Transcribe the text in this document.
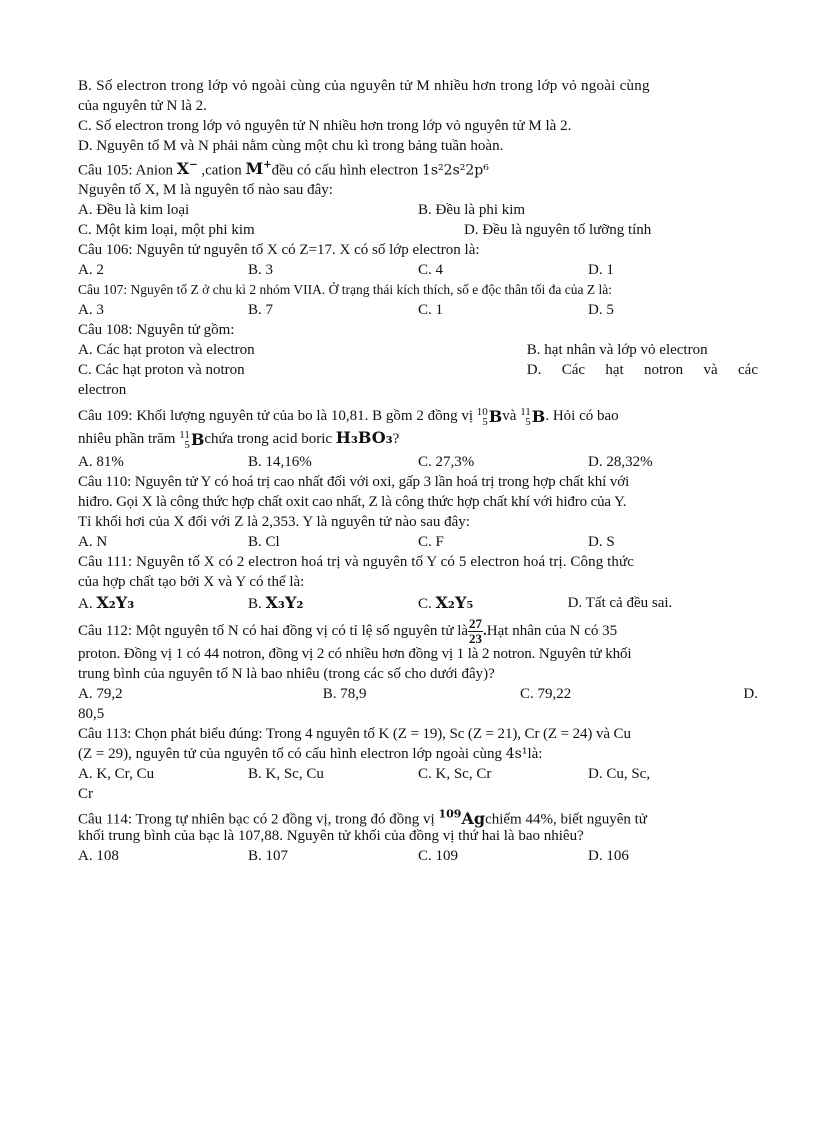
B. Số electron trong lớp vỏ ngoài cùng của nguyên tử M nhiều hơn trong lớp vỏ ngoài cùng
của nguyên tử N là 2.
C. Số electron trong lớp vỏ nguyên tử N nhiều hơn trong lớp vỏ nguyên tử M là 2.
D. Nguyên tố M và N phải nằm cùng một chu kì trong bảng tuần hoàn.
Câu 105: Anion X− ,cation M+đều có cấu hình electron 1s²2s²2p⁶
Nguyên tố X, M là nguyên tố nào sau đây:
A. Đều là kim loại	B. Đều là phi kim
C. Một kim loại, một phi kim	D. Đều là nguyên tố lưỡng tính
Câu 106: Nguyên tử nguyên tố X có Z=17. X có số lớp electron là:
A. 2	B. 3	C. 4	D. 1
Câu 107: Nguyên tố Z ở chu kì 2 nhóm VIIA. Ở trạng thái kích thích, số e độc thân tối đa của Z là:
A. 3	B. 7	C. 1	D. 5
Câu 108: Nguyên tử gồm:
A. Các hạt proton và electron	B. hạt nhân và lớp vỏ electron
C. Các hạt proton và notron	D. Các hạt notron và các
electron
Câu 109: Khối lượng nguyên tử của bo là 10,81. B gồm 2 đồng vị 10
5 B và 11
5 B . Hỏi có bao
nhiêu phần trăm 11
5 B chứa trong acid boric H₃BO₃?
A. 81%	B. 14,16%	C. 27,3%	D. 28,32%
Câu 110: Nguyên tử Y có hoá trị cao nhất đối với oxi, gấp 3 lần hoá trị trong hợp chất khí với
hiđro. Gọi X là công thức hợp chất oxit cao nhất, Z là công thức hợp chất khí với hiđro của Y.
Tỉ khối hơi của X đối với Z là 2,353. Y là nguyên tử nào sau đây:
A. N	B. Cl	C. F	D. S
Câu 111: Nguyên tố X có 2 electron hoá trị và nguyên tố Y có 5 electron hoá trị. Công thức
của hợp chất tạo bởi X và Y có thể là:
A. X₂Y₃	B. X₃Y₂	C. X₂Y₅	D. Tất cả đều sai.
Câu 112: Một nguyên tố N có hai đồng vị có tỉ lệ số nguyên tử là $\frac{27}{23}$ . Hạt nhân của N có 35
proton. Đồng vị 1 có 44 notron, đồng vị 2 có nhiều hơn đồng vị 1 là 2 notron. Nguyên tử khối
trung bình của nguyên tố N là bao nhiêu (trong các số cho dưới đây)?
A. 79,2	B. 78,9	C. 79,22	D.
80,5
Câu 113: Chọn phát biểu đúng: Trong 4 nguyên tố K (Z = 19), Sc (Z = 21), Cr (Z = 24) và Cu
(Z = 29), nguyên tử của nguyên tố có cấu hình electron lớp ngoài cùng 4s¹là:
A. K, Cr, Cu	B. K, Sc, Cu	C. K, Sc, Cr	D. Cu, Sc,
Cr
Câu 114: Trong tự nhiên bạc có 2 đồng vị, trong đó đồng vị $^{109}$Agchiếm 44%, biết nguyên tử
khối trung bình của bạc là 107,88. Nguyên tử khối của đồng vị thứ hai là bao nhiêu?
A. 108	B. 107	C. 109	D. 106
